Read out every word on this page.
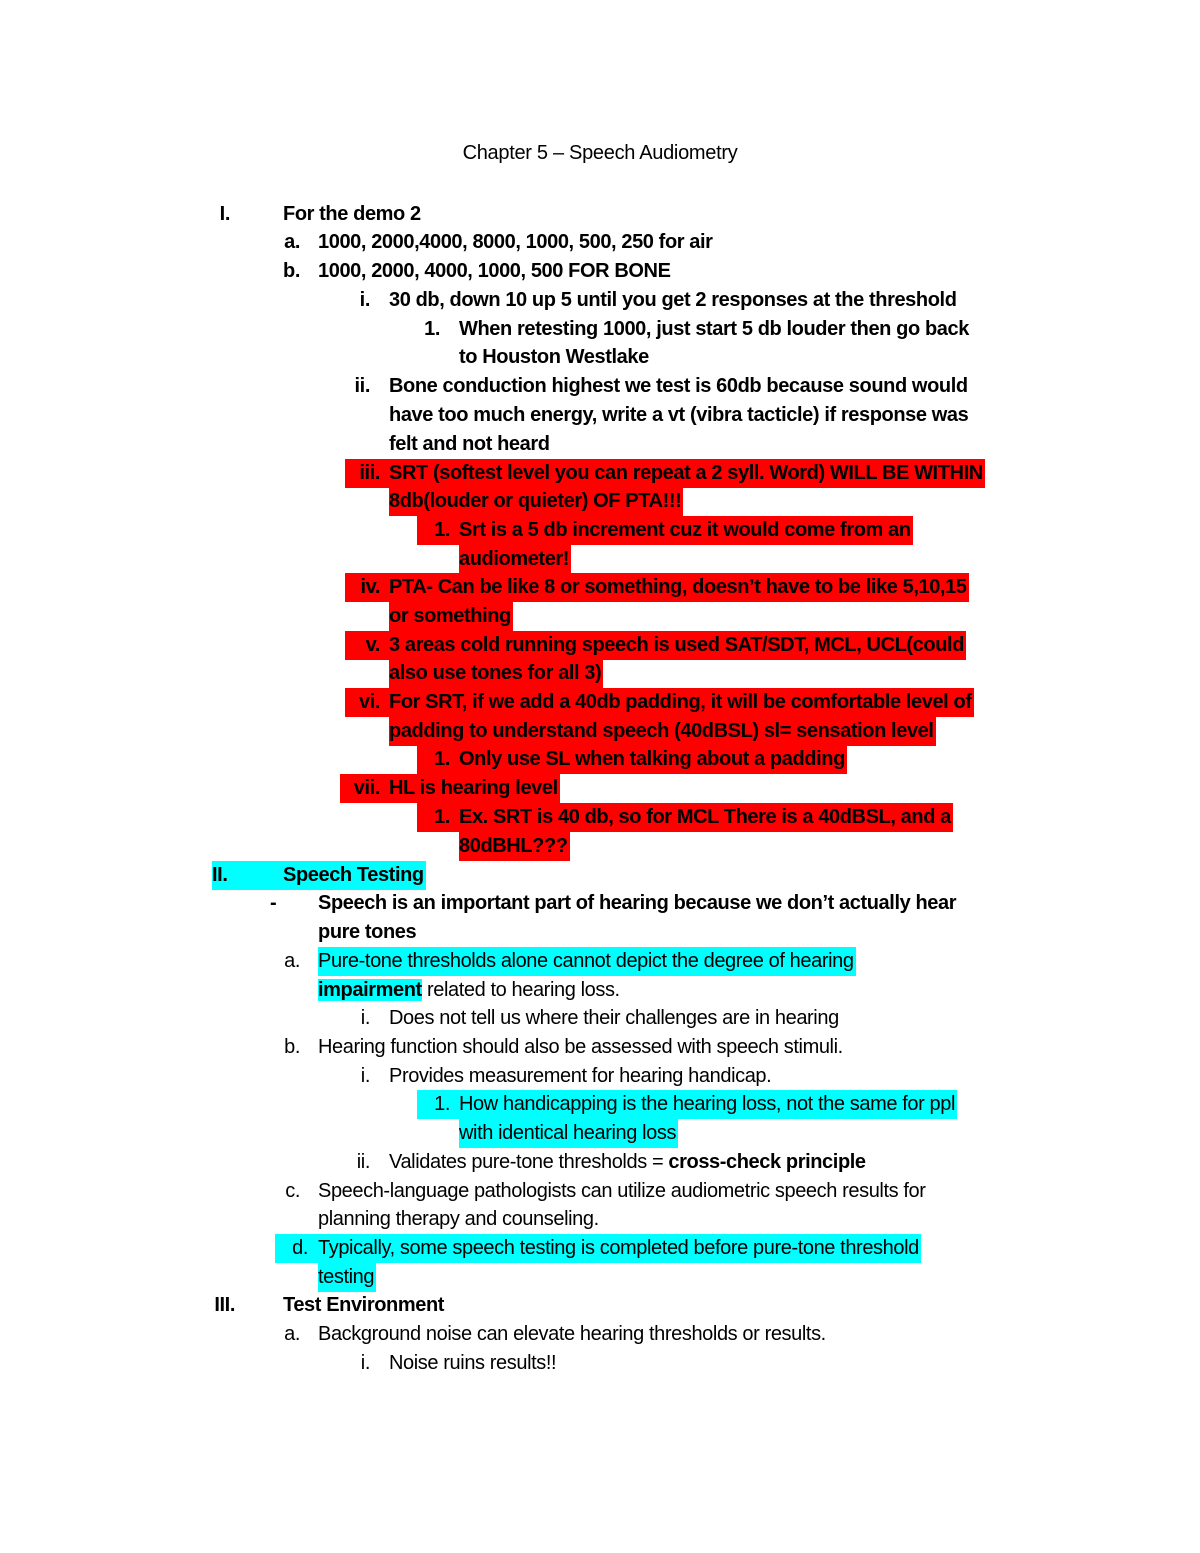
Chapter 5 – Speech Audiometry
I.	For the demo 2
a. 1000, 2000,4000, 8000, 1000, 500, 250 for air
b. 1000, 2000, 4000, 1000, 500 FOR BONE
i. 30 db, down 10 up 5 until you get 2 responses at the threshold
1. When retesting 1000, just start 5 db louder then go back
to Houston Westlake
ii. Bone conduction highest we test is 60db because sound would
have too much energy, write a vt (vibra tacticle) if response was
felt and not heard
iii. SRT (softest level you can repeat a 2 syll. Word) WILL BE WITHIN
8db(louder or quieter) OF PTA!!!
1. Srt is a 5 db increment cuz it would come from an
audiometer!
iv. PTA- Can be like 8 or something, doesn’t have to be like 5,10,15
or something
v. 3 areas cold running speech is used SAT/SDT, MCL, UCL(could
also use tones for all 3)
vi. For SRT, if we add a 40db padding, it will be comfortable level of
padding to understand speech (40dBSL) sl= sensation level
1. Only use SL when talking about a padding
vii. HL is hearing level
1. Ex. SRT is 40 db, so for MCL There is a 40dBSL, and a
80dBHL???
II.	Speech Testing
-	Speech is an important part of hearing because we don’t actually hear
pure tones
a. Pure-tone thresholds alone cannot depict the degree of hearing
impairment related to hearing loss.
i. Does not tell us where their challenges are in hearing
b. Hearing function should also be assessed with speech stimuli.
i. Provides measurement for hearing handicap.
1. How handicapping is the hearing loss, not the same for ppl
with identical hearing loss
ii. Validates pure-tone thresholds = cross-check principle
c. Speech-language pathologists can utilize audiometric speech results for
planning therapy and counseling.
d. Typically, some speech testing is completed before pure-tone threshold
testing
III. Test Environment
a. Background noise can elevate hearing thresholds or results.
i. Noise ruins results!!
